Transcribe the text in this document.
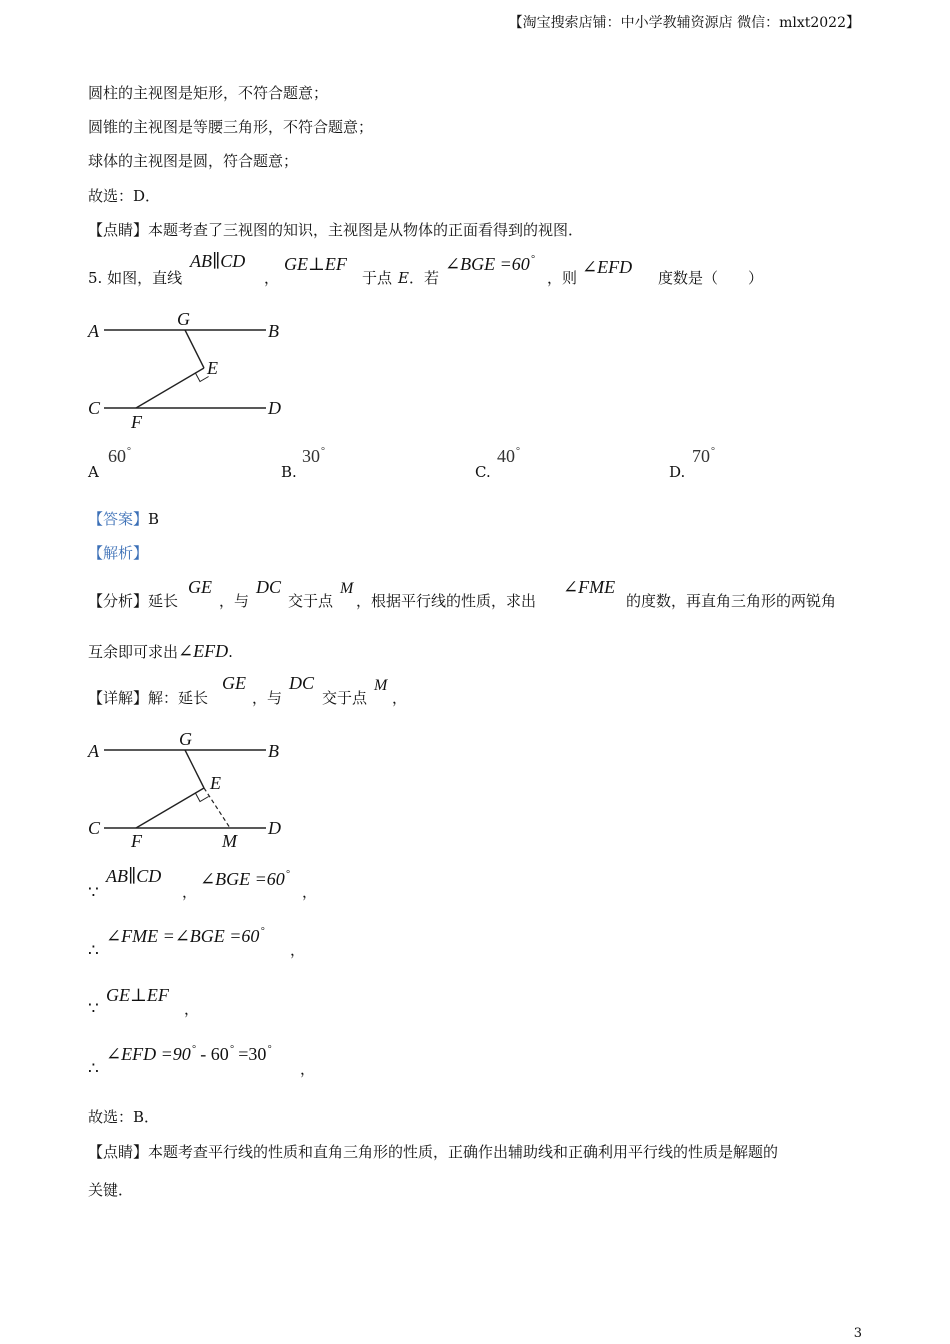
【淘宝搜索店铺：中小学教辅资源店 微信：mlxt2022】
圆柱的主视图是矩形，不符合题意；
圆锥的主视图是等腰三角形，不符合题意；
球体的主视图是圆，符合题意；
故选：D．
【点睛】本题考查了三视图的知识，主视图是从物体的正面看得到的视图．
5. 如图，直线
AB∥CD
，
GE⊥EF
于点 E ．若
∠BGE =60°
，则
∠EFD
度数是（　　）
A
G
B
E
C	D
F
A
60°
B.
30°
C.
40°
D.
70°
【答案】B
【解析】
【分析】延长
GE
，与
DC
交于点
M
，根据平行线的性质，求出
∠FME
的度数，再直角三角形的两锐角
互余即可求出∠EFD.
【详解】解：延长
GE
，与
DC
交于点
M
，
A
G
B
E
C	D
F	M
∵
AB∥CD
，
∠BGE =60°
，
∴
∠FME =∠BGE =60°
，
∵
GE⊥EF
，
∴
∠EFD =90° - 60° =30°
，
故选：B．
【点睛】本题考查平行线的性质和直角三角形的性质，正确作出辅助线和正确利用平行线的性质是解题的
关键．
3
